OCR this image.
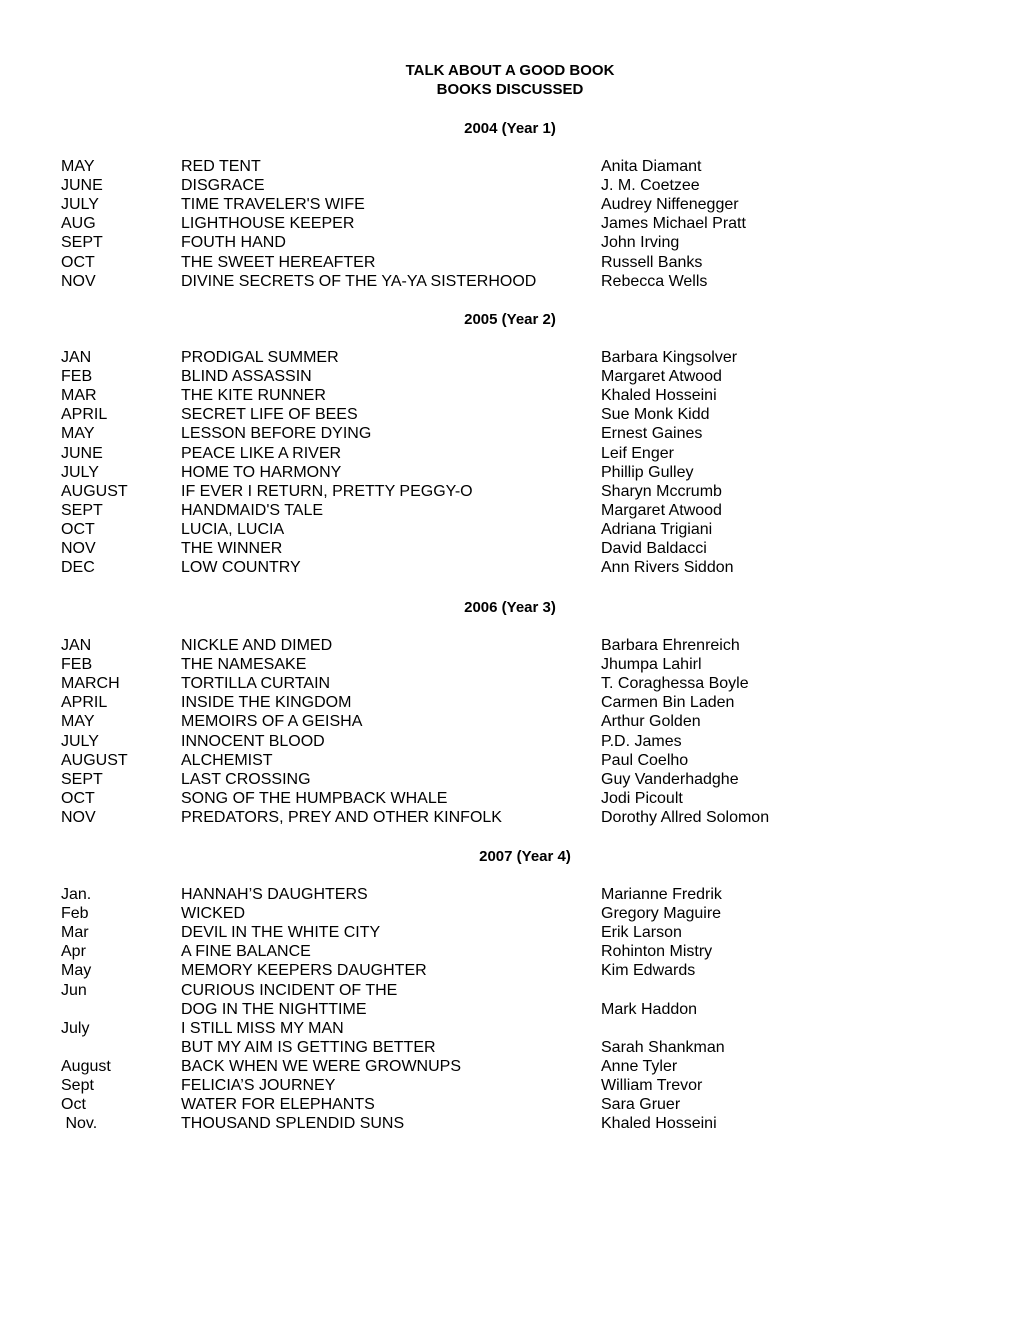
TALK ABOUT A GOOD BOOK
BOOKS DISCUSSED
2004 (Year 1)
MAY	RED TENT	Anita Diamant
JUNE	DISGRACE	J. M. Coetzee
JULY	TIME TRAVELER'S WIFE	Audrey Niffenegger
AUG	LIGHTHOUSE KEEPER	James Michael Pratt
SEPT	FOUTH HAND	John Irving
OCT	THE SWEET HEREAFTER	Russell Banks
NOV	DIVINE SECRETS OF THE YA-YA SISTERHOOD	Rebecca Wells
2005 (Year 2)
JAN	PRODIGAL SUMMER	Barbara Kingsolver
FEB	BLIND ASSASSIN	Margaret Atwood
MAR	THE KITE RUNNER	Khaled Hosseini
APRIL	SECRET LIFE OF BEES	Sue Monk Kidd
MAY	LESSON BEFORE DYING	Ernest Gaines
JUNE	PEACE LIKE A RIVER	Leif Enger
JULY	HOME TO HARMONY	Phillip Gulley
AUGUST	IF EVER I RETURN, PRETTY PEGGY-O	Sharyn Mccrumb
SEPT	HANDMAID'S TALE	Margaret Atwood
OCT	LUCIA, LUCIA	Adriana Trigiani
NOV	THE WINNER	David Baldacci
DEC	LOW COUNTRY	Ann Rivers Siddon
2006 (Year 3)
JAN	NICKLE AND DIMED	Barbara Ehrenreich
FEB	THE NAMESAKE	Jhumpa Lahirl
MARCH	TORTILLA CURTAIN	T. Coraghessa Boyle
APRIL	INSIDE THE KINGDOM	Carmen Bin Laden
MAY	MEMOIRS OF A GEISHA	Arthur Golden
JULY	INNOCENT BLOOD	P.D. James
AUGUST	ALCHEMIST	Paul Coelho
SEPT	LAST CROSSING	Guy Vanderhadghe
OCT	SONG OF THE HUMPBACK WHALE	Jodi Picoult
NOV	PREDATORS, PREY AND OTHER KINFOLK	Dorothy Allred Solomon
2007 (Year 4)
Jan.	HANNAH’S DAUGHTERS	Marianne Fredrik
Feb	WICKED	Gregory Maguire
Mar	DEVIL IN THE WHITE CITY	Erik Larson
Apr	A FINE BALANCE	Rohinton Mistry
May	MEMORY KEEPERS DAUGHTER	Kim Edwards
Jun	CURIOUS INCIDENT OF THE
DOG IN THE NIGHTTIME	Mark Haddon
July	I STILL MISS MY MAN
BUT MY AIM IS GETTING BETTER	Sarah Shankman
August	BACK WHEN WE WERE GROWNUPS	Anne Tyler
Sept	FELICIA’S JOURNEY	William Trevor
Oct	WATER FOR ELEPHANTS	Sara Gruer
Nov.	THOUSAND SPLENDID SUNS	Khaled Hosseini
